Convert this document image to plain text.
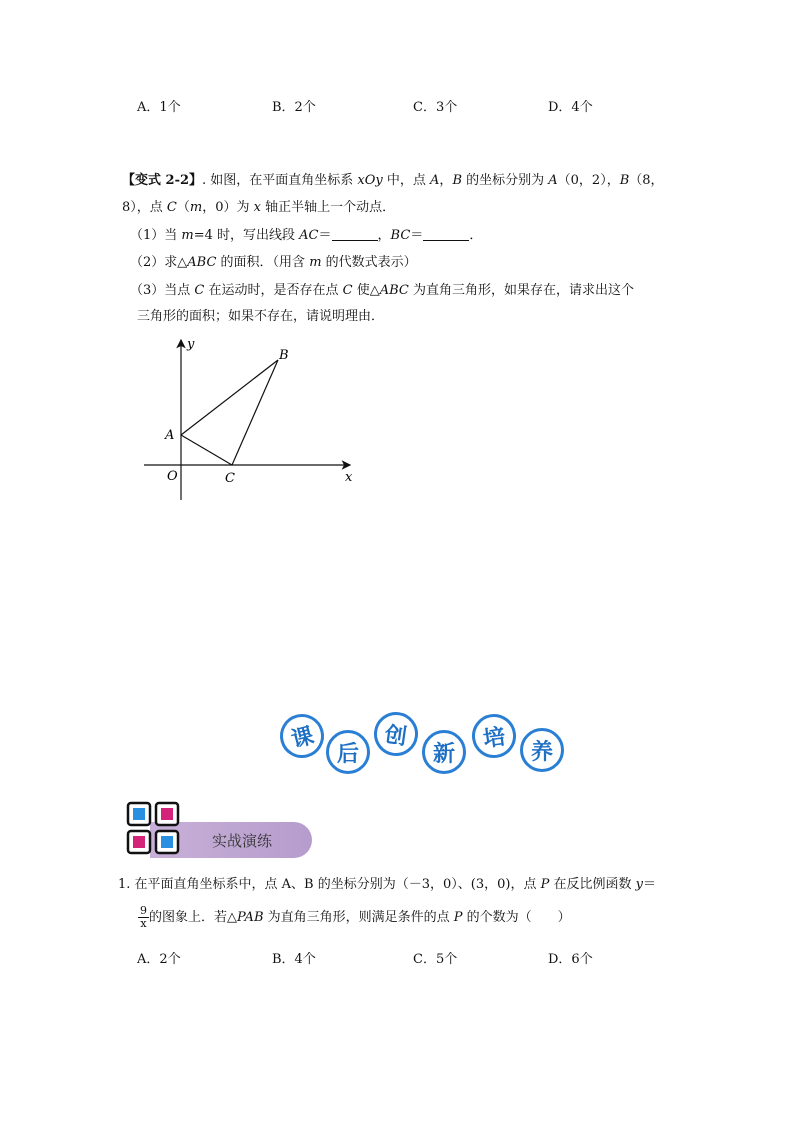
A．1个	B．2个	C．3个	D．4个
【变式 2-2】. 如图，在平面直角坐标系 xOy 中，点 A，B 的坐标分别为 A（0，2），B（8，
8），点 C（m，0）为 x 轴正半轴上一个动点．
（1）当 m=4 时，写出线段 AC＝	，BC＝	．
（2）求△ABC 的面积．（用含 m 的代数式表示）
（3）当点 C 在运动时，是否存在点 C 使△ABC 为直角三角形，如果存在，请求出这个
三角形的面积；如果不存在，请说明理由．
y
x
O
A
B
C
课
后
创
新
培
养
实战演练
1. 在平面直角坐标系中，点 A、B 的坐标分别为（－3，0）、(3，0)，点 P 在反比例函数 y＝
$\frac{9}{x}$ 的图象上．若△PAB 为直角三角形，则满足条件的点 P 的个数为（　　）
A．2个	B．4个	C．5个	D．6个
